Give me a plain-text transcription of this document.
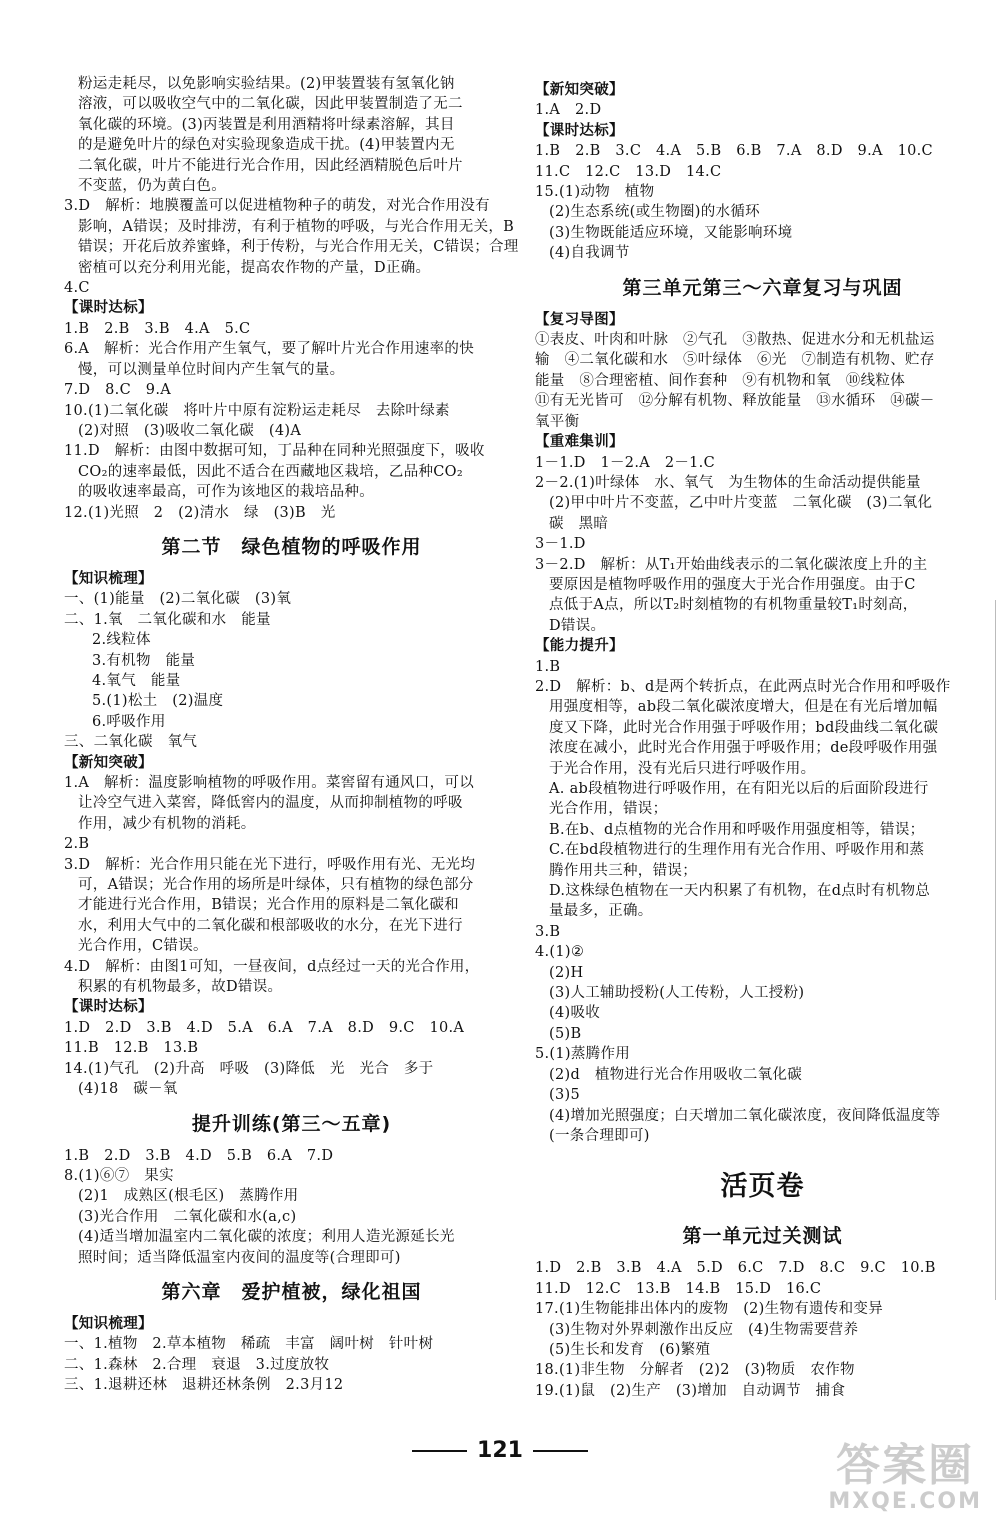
粉运走耗尽，以免影响实验结果。(2)甲装置装有氢氧化钠
溶液，可以吸收空气中的二氧化碳，因此甲装置制造了无二
氧化碳的环境。(3)丙装置是利用酒精将叶绿素溶解，其目
的是避免叶片的绿色对实验现象造成干扰。(4)甲装置内无
二氧化碳，叶片不能进行光合作用，因此经酒精脱色后叶片
不变蓝，仍为黄白色。
3.D　解析：地膜覆盖可以促进植物种子的萌发，对光合作用没有
影响，A错误；及时排涝，有利于植物的呼吸，与光合作用无关，B
错误；开花后放养蜜蜂，利于传粉，与光合作用无关，C错误；合理
密植可以充分利用光能，提高农作物的产量，D正确。
4.C
【课时达标】
1.B　2.B　3.B　4.A　5.C
6.A　解析：光合作用产生氧气，要了解叶片光合作用速率的快
慢，可以测量单位时间内产生氧气的量。
7.D　8.C　9.A
10.(1)二氧化碳　将叶片中原有淀粉运走耗尽　去除叶绿素
(2)对照　(3)吸收二氧化碳　(4)A
11.D　解析：由图中数据可知，丁品种在同种光照强度下，吸收
CO₂的速率最低，因此不适合在西藏地区栽培，乙品种CO₂
的吸收速率最高，可作为该地区的栽培品种。
12.(1)光照　2　(2)清水　绿　(3)B　光
第二节　绿色植物的呼吸作用
【知识梳理】
一、(1)能量　(2)二氧化碳　(3)氧
二、1.氧　二氧化碳和水　能量
2.线粒体
3.有机物　能量
4.氧气　能量
5.(1)松土　(2)温度
6.呼吸作用
三、二氧化碳　氧气
【新知突破】
1.A　解析：温度影响植物的呼吸作用。菜窖留有通风口，可以
让冷空气进入菜窖，降低窖内的温度，从而抑制植物的呼吸
作用，减少有机物的消耗。
2.B
3.D　解析：光合作用只能在光下进行，呼吸作用有光、无光均
可，A错误；光合作用的场所是叶绿体，只有植物的绿色部分
才能进行光合作用，B错误；光合作用的原料是二氧化碳和
水，利用大气中的二氧化碳和根部吸收的水分，在光下进行
光合作用，C错误。
4.D　解析：由图1可知，一昼夜间，d点经过一天的光合作用，
积累的有机物最多，故D错误。
【课时达标】
1.D　2.D　3.B　4.D　5.A　6.A　7.A　8.D　9.C　10.A
11.B　12.B　13.B
14.(1)气孔　(2)升高　呼吸　(3)降低　光　光合　多于
(4)18　碳－氧
提升训练(第三～五章)
1.B　2.D　3.B　4.D　5.B　6.A　7.D
8.(1)⑥⑦　果实
(2)1　成熟区(根毛区)　蒸腾作用
(3)光合作用　二氧化碳和水(a,c)
(4)适当增加温室内二氧化碳的浓度；利用人造光源延长光
照时间；适当降低温室内夜间的温度等(合理即可)
第六章　爱护植被，绿化祖国
【知识梳理】
一、1.植物　2.草本植物　稀疏　丰富　阔叶树　针叶树
二、1.森林　2.合理　衰退　3.过度放牧
三、1.退耕还林　退耕还林条例　2.3月12
【新知突破】
1.A　2.D
【课时达标】
1.B　2.B　3.C　4.A　5.B　6.B　7.A　8.D　9.A　10.C
11.C　12.C　13.D　14.C
15.(1)动物　植物
(2)生态系统(或生物圈)的水循环
(3)生物既能适应环境，又能影响环境
(4)自我调节
第三单元第三～六章复习与巩固
【复习导图】
①表皮、叶肉和叶脉　②气孔　③散热、促进水分和无机盐运
输　④二氧化碳和水　⑤叶绿体　⑥光　⑦制造有机物、贮存
能量　⑧合理密植、间作套种　⑨有机物和氧　⑩线粒体
⑪有无光皆可　⑫分解有机物、释放能量　⑬水循环　⑭碳－
氧平衡
【重难集训】
1－1.D　1－2.A　2－1.C
2－2.(1)叶绿体　水、氧气　为生物体的生命活动提供能量
(2)甲中叶片不变蓝，乙中叶片变蓝　二氧化碳　(3)二氧化
碳　黑暗
3－1.D
3－2.D　解析：从T₁开始曲线表示的二氧化碳浓度上升的主
要原因是植物呼吸作用的强度大于光合作用强度。由于C
点低于A点，所以T₂时刻植物的有机物重量较T₁时刻高，
D错误。
【能力提升】
1.B
2.D　解析：b、d是两个转折点，在此两点时光合作用和呼吸作
用强度相等，ab段二氧化碳浓度增大，但是在有光后增加幅
度又下降，此时光合作用强于呼吸作用；bd段曲线二氧化碳
浓度在减小，此时光合作用强于呼吸作用；de段呼吸作用强
于光合作用，没有光后只进行呼吸作用。
A. ab段植物进行呼吸作用，在有阳光以后的后面阶段进行
光合作用，错误；
B.在b、d点植物的光合作用和呼吸作用强度相等，错误；
C.在bd段植物进行的生理作用有光合作用、呼吸作用和蒸
腾作用共三种，错误；
D.这株绿色植物在一天内积累了有机物，在d点时有机物总
量最多，正确。
3.B
4.(1)②
(2)H
(3)人工辅助授粉(人工传粉，人工授粉)
(4)吸收
(5)B
5.(1)蒸腾作用
(2)d　植物进行光合作用吸收二氧化碳
(3)5
(4)增加光照强度；白天增加二氧化碳浓度，夜间降低温度等
(一条合理即可)
活页卷
第一单元过关测试
1.D　2.B　3.B　4.A　5.D　6.C　7.D　8.C　9.C　10.B
11.D　12.C　13.B　14.B　15.D　16.C
17.(1)生物能排出体内的废物　(2)生物有遗传和变异
(3)生物对外界刺激作出反应　(4)生物需要营养
(5)生长和发育　(6)繁殖
18.(1)非生物　分解者　(2)2　(3)物质　农作物
19.(1)鼠　(2)生产　(3)增加　自动调节　捕食
121	答案圈
MXQE.COM
